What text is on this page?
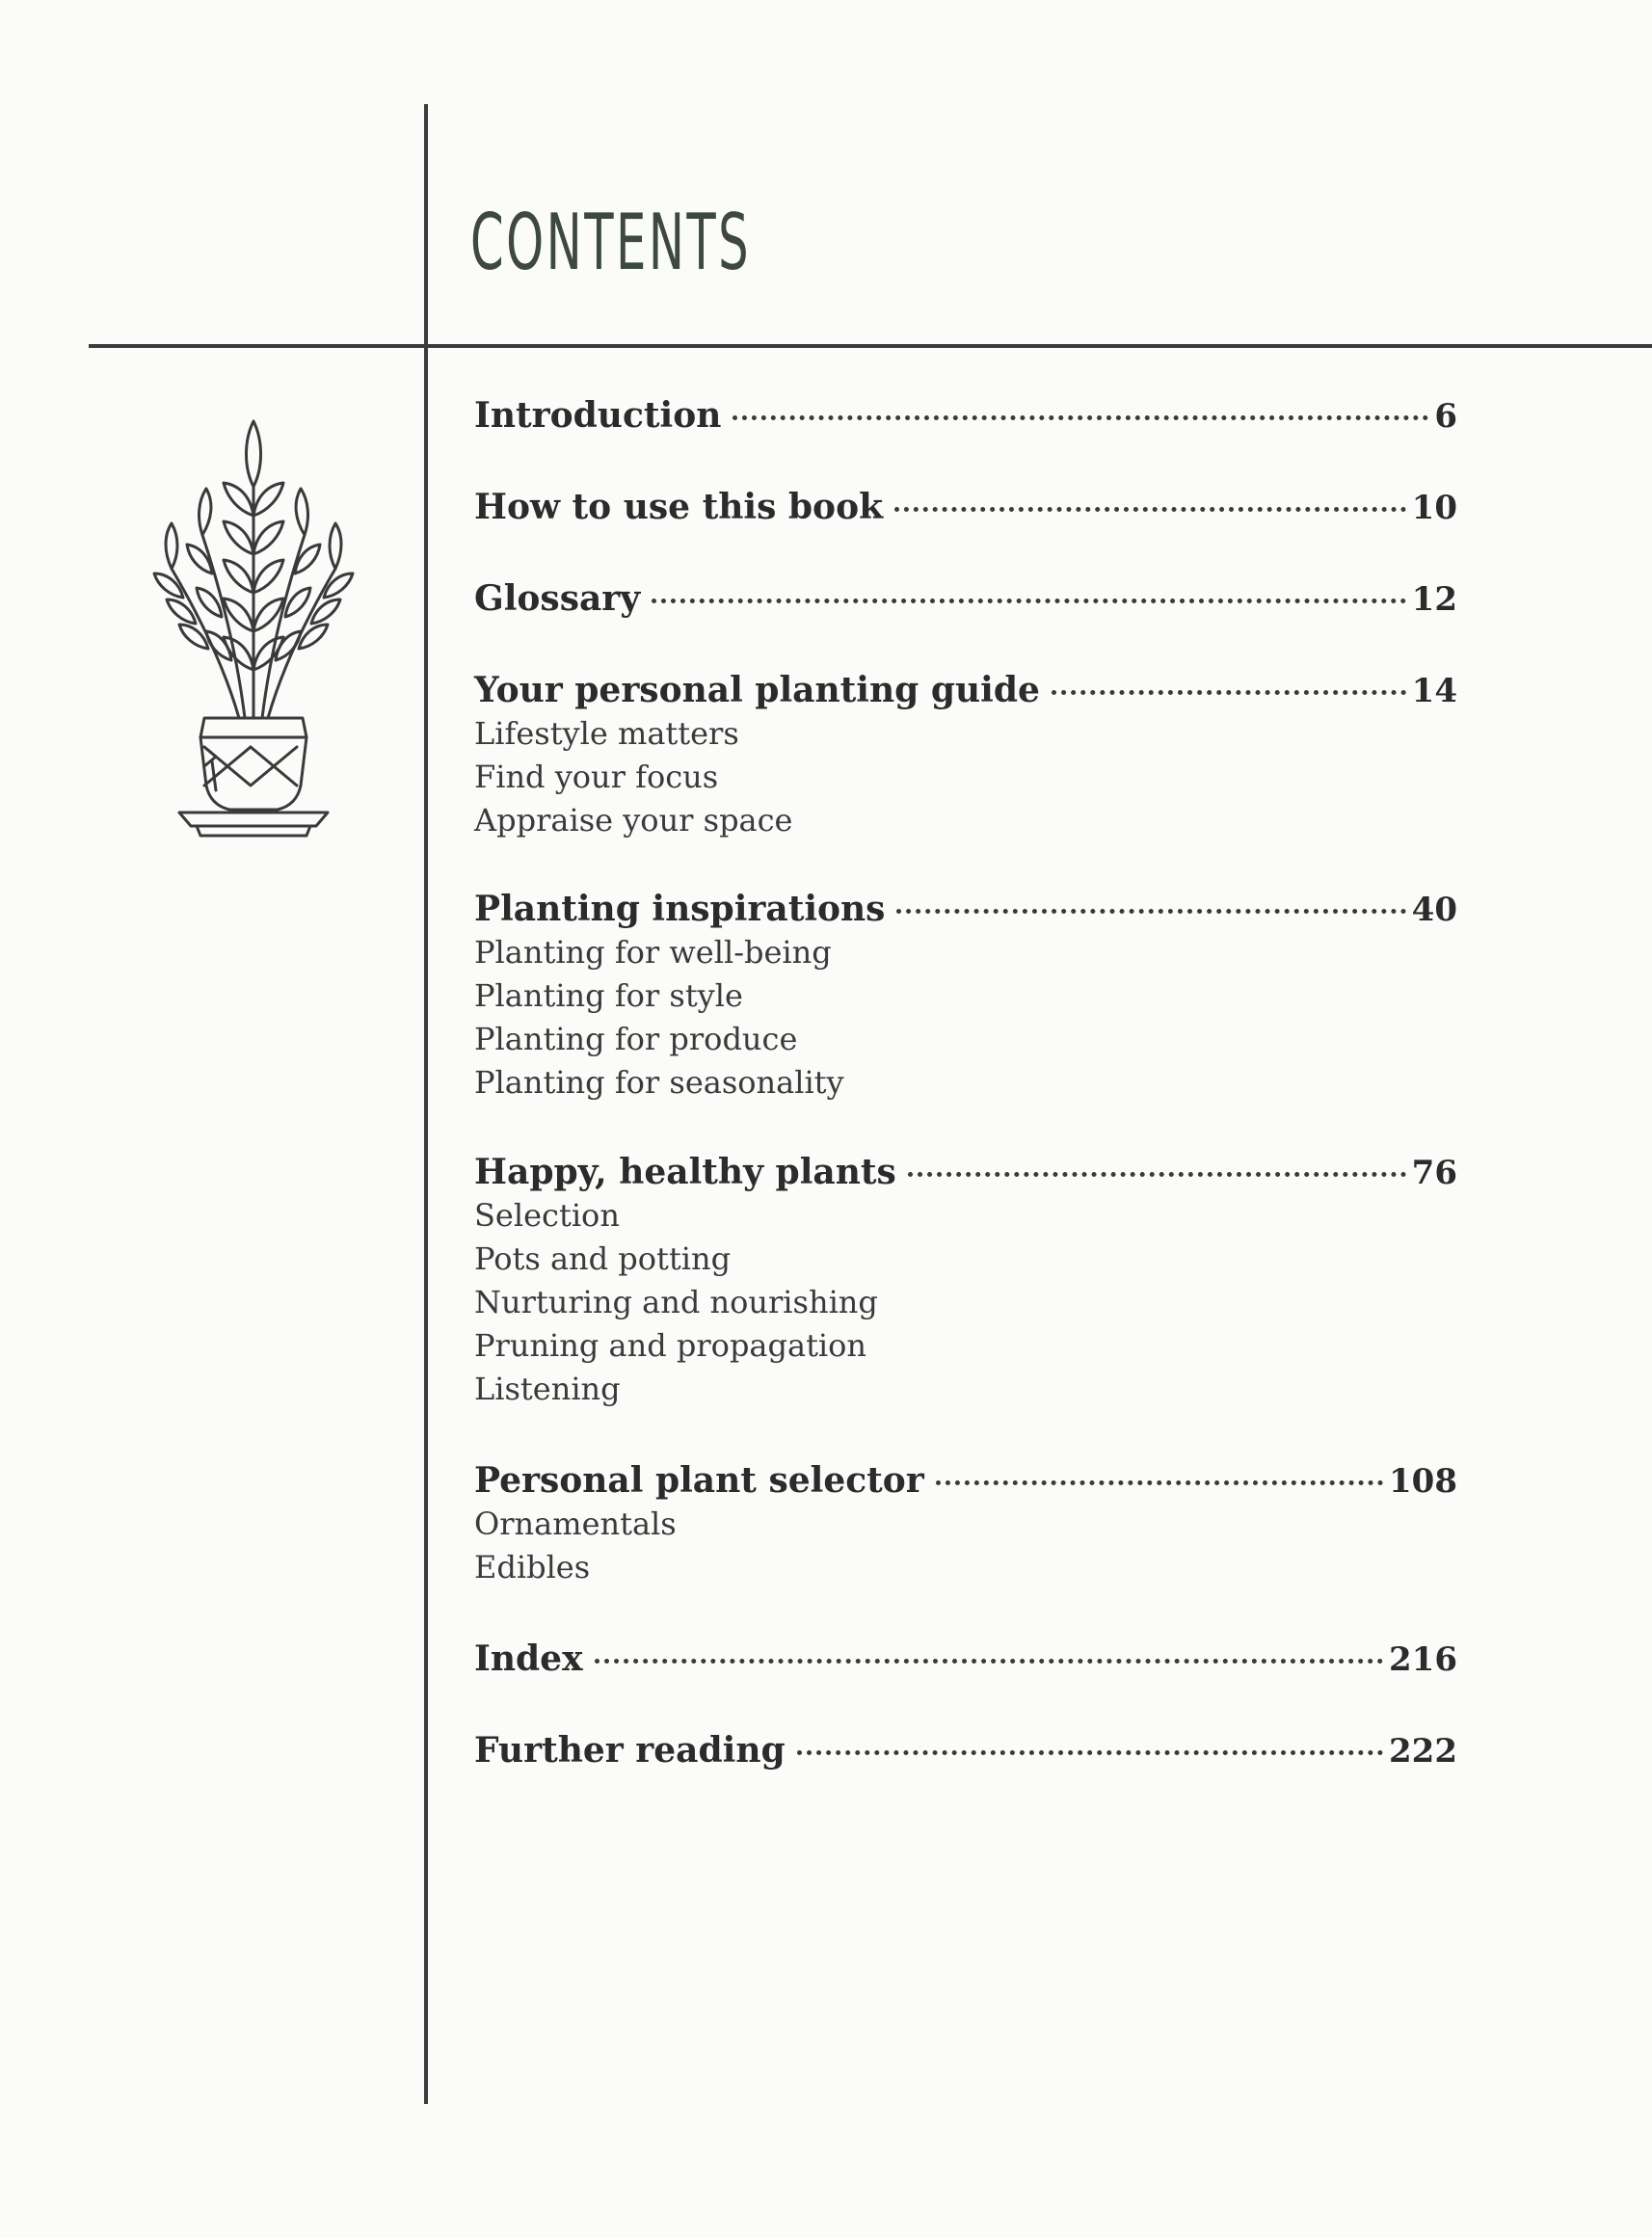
CONTENTS
Introduction	6
How to use this book	10
Glossary	12
Your personal planting guide	14
Lifestyle matters
Find your focus
Appraise your space
Planting inspirations	40
Planting for well-being
Planting for style
Planting for produce
Planting for seasonality
Happy, healthy plants	76
Selection
Pots and potting
Nurturing and nourishing
Pruning and propagation
Listening
Personal plant selector	108
Ornamentals
Edibles
Index	216
Further reading	222
